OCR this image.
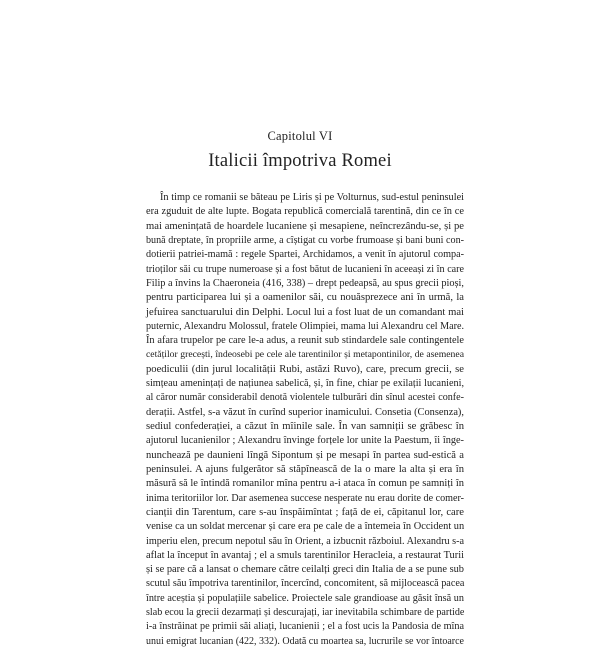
Capitolul VI
Italicii împotriva Romei
În timp ce romanii se băteau pe Liris și pe Volturnus, sud-estul peninsulei
era zguduit de alte lupte. Bogata republică comercială tarentină, din ce în ce
mai amenințată de hoardele lucaniene și mesapiene, neîncrezându-se, și pe
bună dreptate, în propriile arme, a cîștigat cu vorbe frumoase și bani buni con-
dotierii patriei-mamă : regele Spartei, Archidamos, a venit în ajutorul compa-
trioților săi cu trupe numeroase și a fost bătut de lucanieni în aceeași zi în care
Filip a învins la Chaeroneia (416, 338) – drept pedeapsă, au spus grecii pioși,
pentru participarea lui și a oamenilor săi, cu nouăsprezece ani în urmă, la
jefuirea sanctuarului din Delphi. Locul lui a fost luat de un comandant mai
puternic, Alexandru Molossul, fratele Olimpiei, mama lui Alexandru cel Mare.
În afara trupelor pe care le-a adus, a reunit sub stindardele sale contingentele
cetăților grecești, îndeosebi pe cele ale tarentinilor și metapontinilor, de asemenea
poediculii (din jurul localității Rubi, astăzi Ruvo), care, precum grecii, se
simțeau amenințați de națiunea sabelică, și, în fine, chiar pe exilații lucanieni,
al căror număr considerabil denotă violentele tulburări din sînul acestei confe-
derații. Astfel, s-a văzut în curînd superior inamicului. Consetia (Consenza),
sediul confederației, a căzut în mîinile sale. În van samniții se grăbesc în
ajutorul lucanienilor ; Alexandru învinge forțele lor unite la Paestum, îi înge-
nunchează pe daunieni lîngă Sipontum și pe mesapi în partea sud-estică a
peninsulei. A ajuns fulgerător să stăpînească de la o mare la alta și era în
măsură să le întindă romanilor mîna pentru a-i ataca în comun pe samniți în
inima teritoriilor lor. Dar asemenea succese nesperate nu erau dorite de comer-
cianții din Tarentum, care s-au înspăimîntat ; față de ei, căpitanul lor, care
venise ca un soldat mercenar și care era pe cale de a întemeia în Occident un
imperiu elen, precum nepotul său în Orient, a izbucnit războiul. Alexandru s-a
aflat la început în avantaj ; el a smuls tarentinilor Heracleia, a restaurat Turii
și se pare că a lansat o chemare către ceilalți greci din Italia de a se pune sub
scutul său împotriva tarentinilor, încercînd, concomitent, să mijlocească pacea
între aceștia și populațiile sabelice. Proiectele sale grandioase au găsit însă un
slab ecou la grecii dezarmați și descurajați, iar inevitabila schimbare de partide
i-a înstrăinat pe primii săi aliați, lucanienii ; el a fost ucis la Pandosia de mîna
unui emigrat lucanian (422, 332). Odată cu moartea sa, lucrurile se vor întoarce
